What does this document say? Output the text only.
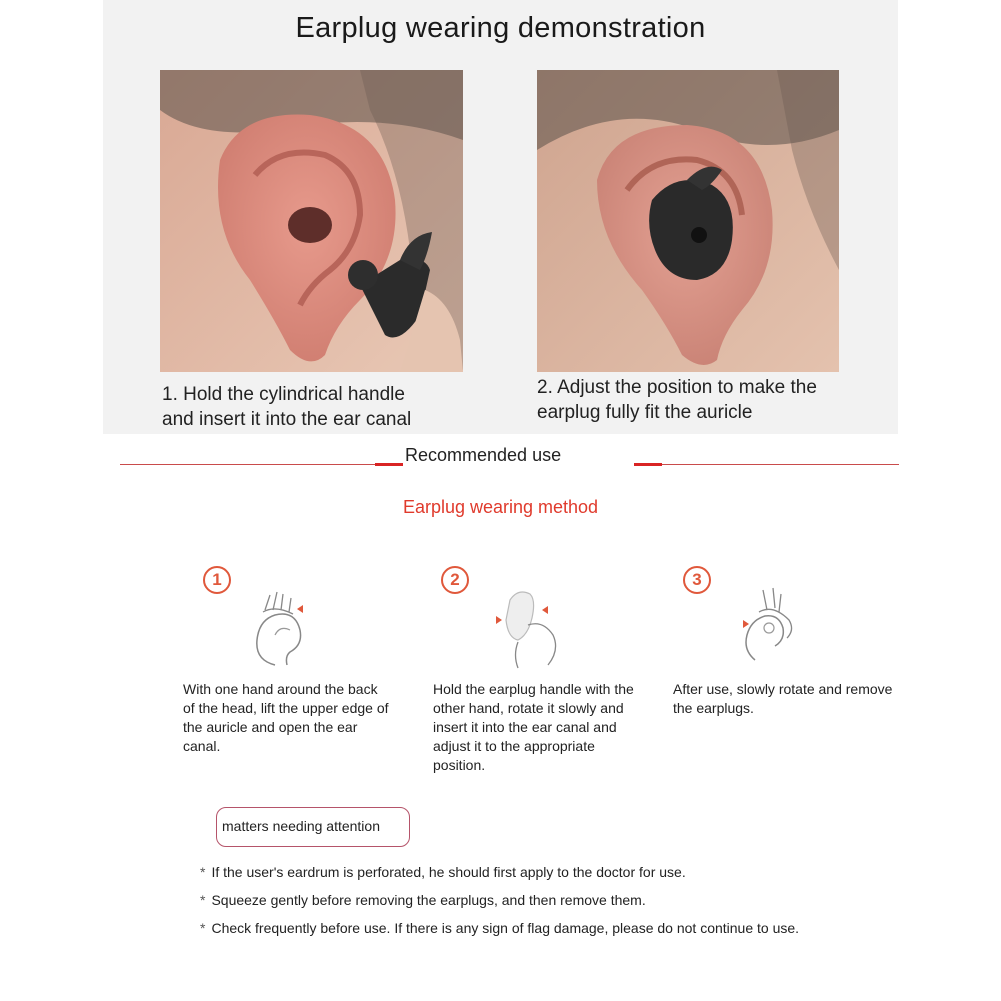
Earplug wearing demonstration
1. Hold the cylindrical handle
and insert it into the ear canal
2. Adjust the position to make the
earplug fully fit the auricle
Recommended use
Earplug wearing method
1	2	3
With one hand around the back of the head, lift the upper edge of the auricle and open the ear canal.
Hold the earplug handle with the other hand, rotate it slowly and insert it into the ear canal and adjust it to the appropriate position.
After use, slowly rotate and remove the earplugs.
matters needing attention
* If the user's eardrum is perforated, he should first apply to the doctor for use.
* Squeeze gently before removing the earplugs, and then remove them.
* Check frequently before use. If there is any sign of flag damage, please do not continue to use.
